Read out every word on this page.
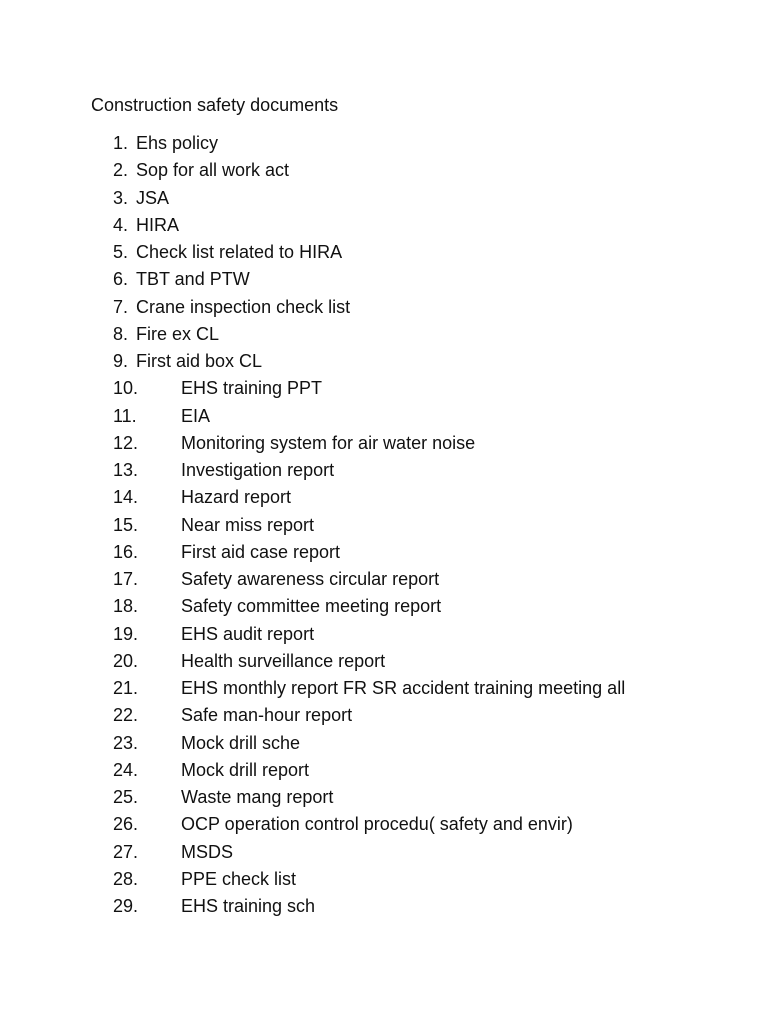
Construction safety documents
1. Ehs policy
2. Sop for all work act
3. JSA
4. HIRA
5. Check list related to HIRA
6. TBT and PTW
7. Crane inspection check list
8. Fire ex CL
9. First aid box CL
10. EHS training PPT
11. EIA
12. Monitoring system for air water noise
13. Investigation report
14. Hazard report
15. Near miss report
16. First aid case report
17. Safety awareness circular report
18. Safety committee meeting report
19. EHS audit report
20. Health surveillance report
21. EHS monthly report FR SR accident training meeting all
22. Safe man-hour report
23. Mock drill sche
24. Mock drill report
25. Waste mang report
26. OCP operation control procedu( safety and envir)
27. MSDS
28. PPE check list
29. EHS training sch
